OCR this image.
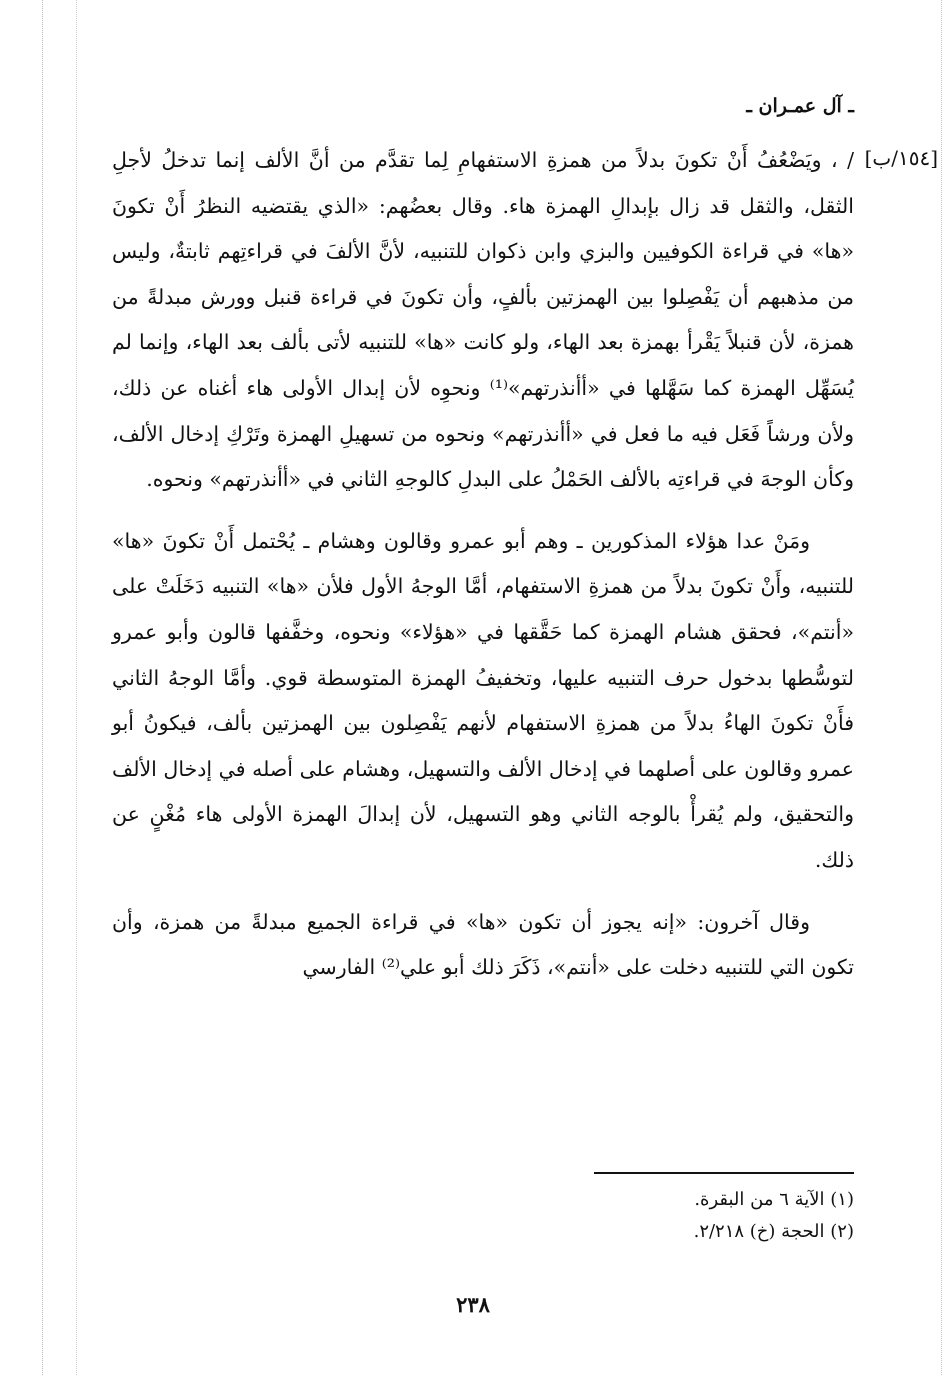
ـ آل عمـران ـ
[١٥٤/ب]

/ ، ويَضْعُفُ أَنْ تكونَ بدلاً من همزةِ الاستفهامِ لِما تقدَّم من أنَّ الألف إنما تدخلُ لأجلِ الثقل، والثقل قد زال بإبدالِ الهمزة هاء. وقال بعضُهم: «الذي يقتضيه النظرُ أَنْ تكونَ «ها» في قراءة الكوفيين والبزي وابن ذكوان للتنبيه، لأنَّ الألفَ في قراءتِهم ثابتةٌ، وليس من مذهبهم أن يَفْصِلوا بين الهمزتين بألفٍ، وأن تكونَ في قراءة قنبل وورش مبدلةً من همزة، لأن قنبلاً يَقْرأ بهمزة بعد الهاء، ولو كانت «ها» للتنبيه لأتى بألف بعد الهاء، وإنما لم يُسَهِّل الهمزة كما سَهَّلها في «أأنذرتهم»⁽¹⁾ ونحوِه لأن إبدال الأولى هاء أغناه عن ذلك، ولأن ورشاً فَعَل فيه ما فعل في «أأنذرتهم» ونحوه من تسهيلِ الهمزة وتَرْكِ إدخال الألف، وكأن الوجهَ في قراءتِه بالألف الحَمْلُ على البدلِ كالوجهِ الثاني في «أأنذرتهم» ونحوه.

ومَنْ عدا هؤلاء المذكورين ـ وهم أبو عمرو وقالون وهشام ـ يُحْتمل أَنْ تكونَ «ها» للتنبيه، وأَنْ تكونَ بدلاً من همزةِ الاستفهام، أمَّا الوجهُ الأول فلأن «ها» التنبيه دَخَلَتْ على «أنتم»، فحقق هشام الهمزة كما حَقَّقها في «هؤلاء» ونحوه، وخفَّفها قالون وأبو عمرو لتوسُّطها بدخول حرف التنبيه عليها، وتخفيفُ الهمزة المتوسطة قوي. وأمَّا الوجهُ الثاني فأَنْ تكونَ الهاءُ بدلاً من همزةِ الاستفهام لأنهم يَفْصِلون بين الهمزتين بألف، فيكونُ أبو عمرو وقالون على أصلهما في إدخال الألف والتسهيل، وهشام على أصله في إدخال الألف والتحقيق، ولم يُقرأْ بالوجه الثاني وهو التسهيل، لأن إبدالَ الهمزة الأولى هاء مُغْنٍ عن ذلك.

وقال آخرون: «إنه يجوز أن تكون «ها» في قراءة الجميع مبدلةً من همزة، وأن تكون التي للتنبيه دخلت على «أنتم»، ذَكَرَ ذلك أبو علي⁽²⁾ الفارسي

(١) الآية ٦ من البقرة.
(٢) الحجة (خ) ٢/٢١٨.
٢٣٨
